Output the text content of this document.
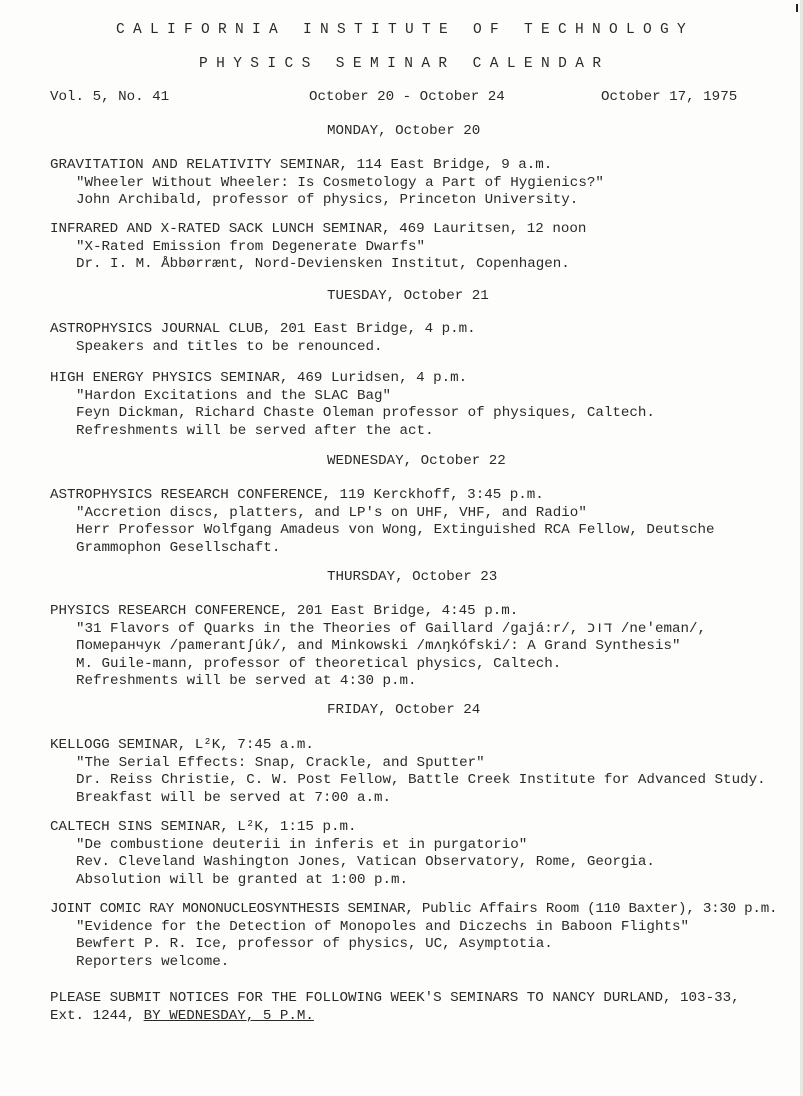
CALIFORNIA INSTITUTE OF TECHNOLOGY
PHYSICS SEMINAR CALENDAR
Vol. 5, No. 41	October 20 - October 24	October 17, 1975
MONDAY, October 20
GRAVITATION AND RELATIVITY SEMINAR, 114 East Bridge, 9 a.m.
"Wheeler Without Wheeler: Is Cosmetology a Part of Hygienics?"
John Archibald, professor of physics, Princeton University.
INFRARED AND X-RATED SACK LUNCH SEMINAR, 469 Lauritsen, 12 noon
"X-Rated Emission from Degenerate Dwarfs"
Dr. I. M. Åbbørrænt, Nord-Deviensken Institut, Copenhagen.
TUESDAY, October 21
ASTROPHYSICS JOURNAL CLUB, 201 East Bridge, 4 p.m.
Speakers and titles to be renounced.
HIGH ENERGY PHYSICS SEMINAR, 469 Luridsen, 4 p.m.
"Hardon Excitations and the SLAC Bag"
Feyn Dickman, Richard Chaste Oleman professor of physiques, Caltech.
Refreshments will be served after the act.
WEDNESDAY, October 22
ASTROPHYSICS RESEARCH CONFERENCE, 119 Kerckhoff, 3:45 p.m.
"Accretion discs, platters, and LP's on UHF, VHF, and Radio"
Herr Professor Wolfgang Amadeus von Wong, Extinguished RCA Fellow, Deutsche
Grammophon Gesellschaft.
THURSDAY, October 23
PHYSICS RESEARCH CONFERENCE, 201 East Bridge, 4:45 p.m.
"31 Flavors of Quarks in the Theories of Gaillard /gajá:r/, דוכ /neʹeman/,
Померанчук /pamerantʃúk/, and Minkowski /mʌŋkófski/: A Grand Synthesis"
M. Guile-mann, professor of theoretical physics, Caltech.
Refreshments will be served at 4:30 p.m.
FRIDAY, October 24
KELLOGG SEMINAR, L²K, 7:45 a.m.
"The Serial Effects: Snap, Crackle, and Sputter"
Dr. Reiss Christie, C. W. Post Fellow, Battle Creek Institute for Advanced Study.
Breakfast will be served at 7:00 a.m.
CALTECH SINS SEMINAR, L²K, 1:15 p.m.
"De combustione deuterii in inferis et in purgatorio"
Rev. Cleveland Washington Jones, Vatican Observatory, Rome, Georgia.
Absolution will be granted at 1:00 p.m.
JOINT COMIC RAY MONONUCLEOSYNTHESIS SEMINAR, Public Affairs Room (110 Baxter), 3:30 p.m.
"Evidence for the Detection of Monopoles and Diczechs in Baboon Flights"
Bewfert P. R. Ice, professor of physics, UC, Asymptotia.
Reporters welcome.
PLEASE SUBMIT NOTICES FOR THE FOLLOWING WEEK'S SEMINARS TO NANCY DURLAND, 103-33,
Ext. 1244, BY WEDNESDAY, 5 P.M.
